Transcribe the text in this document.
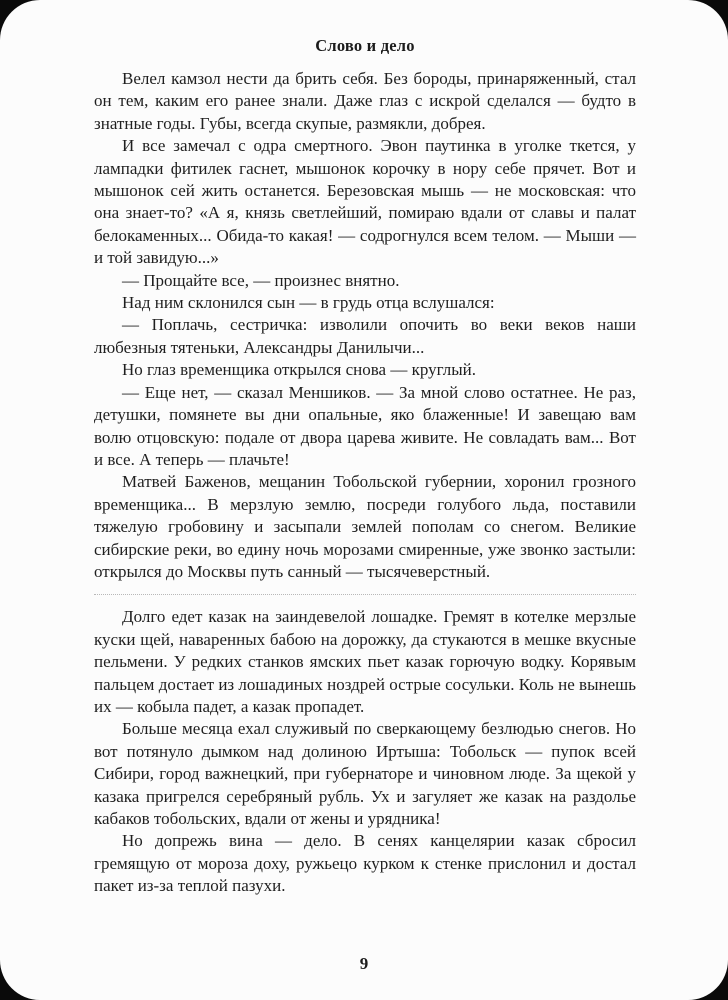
Слово и дело

Велел камзол нести да брить себя. Без бороды, принаряженный, стал он тем, каким его ранее знали. Даже глаз с искрой сделался — будто в знатные годы. Губы, всегда скупые, размякли, добрея.

И все замечал с одра смертного. Эвон паутинка в уголке ткется, у лампадки фитилек гаснет, мышонок корочку в нору себе прячет. Вот и мышонок сей жить останется. Березовская мышь — не московская: что она знает-то? «А я, князь светлейший, помираю вдали от славы и палат белокаменных... Обида-то какая! — содрогнулся всем телом. — Мыши — и той завидую...»

— Прощайте все, — произнес внятно.

Над ним склонился сын — в грудь отца вслушался:

— Поплачь, сестричка: изволили опочить во веки веков наши любезныя тятеньки, Александры Данилычи...

Но глаз временщика открылся снова — круглый.

— Еще нет, — сказал Меншиков. — За мной слово остатнее. Не раз, детушки, помянете вы дни опальные, яко блаженные! И завещаю вам волю отцовскую: подале от двора царева живите. Не совладать вам... Вот и все. А теперь — плачьте!

Матвей Баженов, мещанин Тобольской губернии, хоронил грозного временщика... В мерзлую землю, посреди голубого льда, поставили тяжелую гробовину и засыпали землей пополам со снегом. Великие сибирские реки, во едину ночь морозами смиренные, уже звонко застыли: открылся до Москвы путь санный — тысячеверстный.

Долго едет казак на заиндевелой лошадке. Гремят в котелке мерзлые куски щей, наваренных бабою на дорожку, да стукаются в мешке вкусные пельмени. У редких станков ямских пьет казак горючую водку. Корявым пальцем достает из лошадиных ноздрей острые сосульки. Коль не вынешь их — кобыла падет, а казак пропадет.

Больше месяца ехал служивый по сверкающему безлюдью снегов. Но вот потянуло дымком над долиною Иртыша: Тобольск — пупок всей Сибири, город важнецкий, при губернаторе и чиновном люде. За щекой у казака пригрелся серебряный рубль. Ух и загуляет же казак на раздолье кабаков тобольских, вдали от жены и урядника!

Но допрежь вина — дело. В сенях канцелярии казак сбросил гремящую от мороза доху, ружьецо курком к стенке прислонил и достал пакет из-за теплой пазухи.

9
